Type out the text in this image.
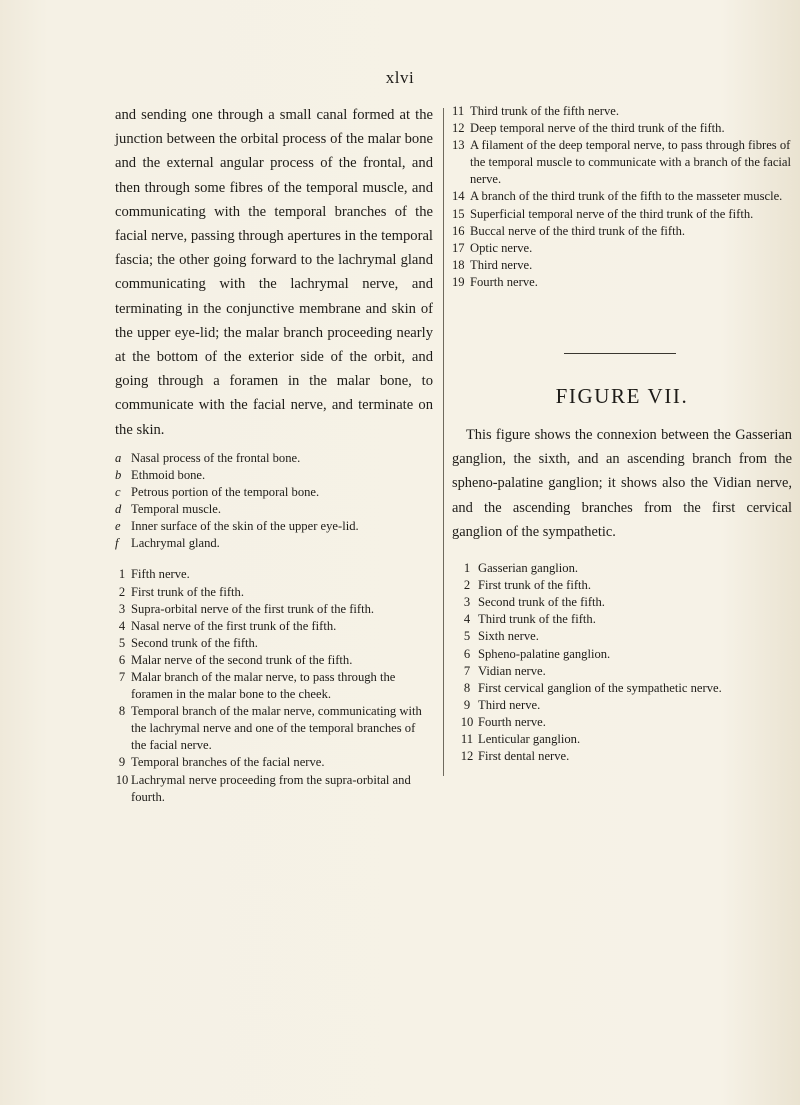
xlvi

and sending one through a small canal formed at the junction between the orbital process of the malar bone and the external angular process of the frontal, and then through some fibres of the temporal muscle, and communicating with the temporal branches of the facial nerve, passing through apertures in the temporal fascia; the other going forward to the lachrymal gland communicating with the lachrymal nerve, and terminating in the conjunctive membrane and skin of the upper eye-lid; the malar branch proceeding nearly at the bottom of the exterior side of the orbit, and going through a foramen in the malar bone, to communicate with the facial nerve, and terminate on the skin.

a Nasal process of the frontal bone.
b Ethmoid bone.
c Petrous portion of the temporal bone.
d Temporal muscle.
e Inner surface of the skin of the upper eye-lid.
f Lachrymal gland.
1 Fifth nerve.
2 First trunk of the fifth.
3 Supra-orbital nerve of the first trunk of the fifth.
4 Nasal nerve of the first trunk of the fifth.
5 Second trunk of the fifth.
6 Malar nerve of the second trunk of the fifth.
7 Malar branch of the malar nerve, to pass through the foramen in the malar bone to the cheek.
8 Temporal branch of the malar nerve, communicating with the lachrymal nerve and one of the temporal branches of the facial nerve.
9 Temporal branches of the facial nerve.
10 Lachrymal nerve proceeding from the supra-orbital and fourth.
11 Third trunk of the fifth nerve.
12 Deep temporal nerve of the third trunk of the fifth.
13 A filament of the deep temporal nerve, to pass through fibres of the temporal muscle to communicate with a branch of the facial nerve.
14 A branch of the third trunk of the fifth to the masseter muscle.
15 Superficial temporal nerve of the third trunk of the fifth.
16 Buccal nerve of the third trunk of the fifth.
17 Optic nerve.
18 Third nerve.
19 Fourth nerve.
FIGURE VII.

This figure shows the connexion between the Gasserian ganglion, the sixth, and an ascending branch from the spheno-palatine ganglion; it shows also the Vidian nerve, and the ascending branches from the first cervical ganglion of the sympathetic.

1 Gasserian ganglion.
2 First trunk of the fifth.
3 Second trunk of the fifth.
4 Third trunk of the fifth.
5 Sixth nerve.
6 Spheno-palatine ganglion.
7 Vidian nerve.
8 First cervical ganglion of the sympathetic nerve.
9 Third nerve.
10 Fourth nerve.
11 Lenticular ganglion.
12 First dental nerve.
